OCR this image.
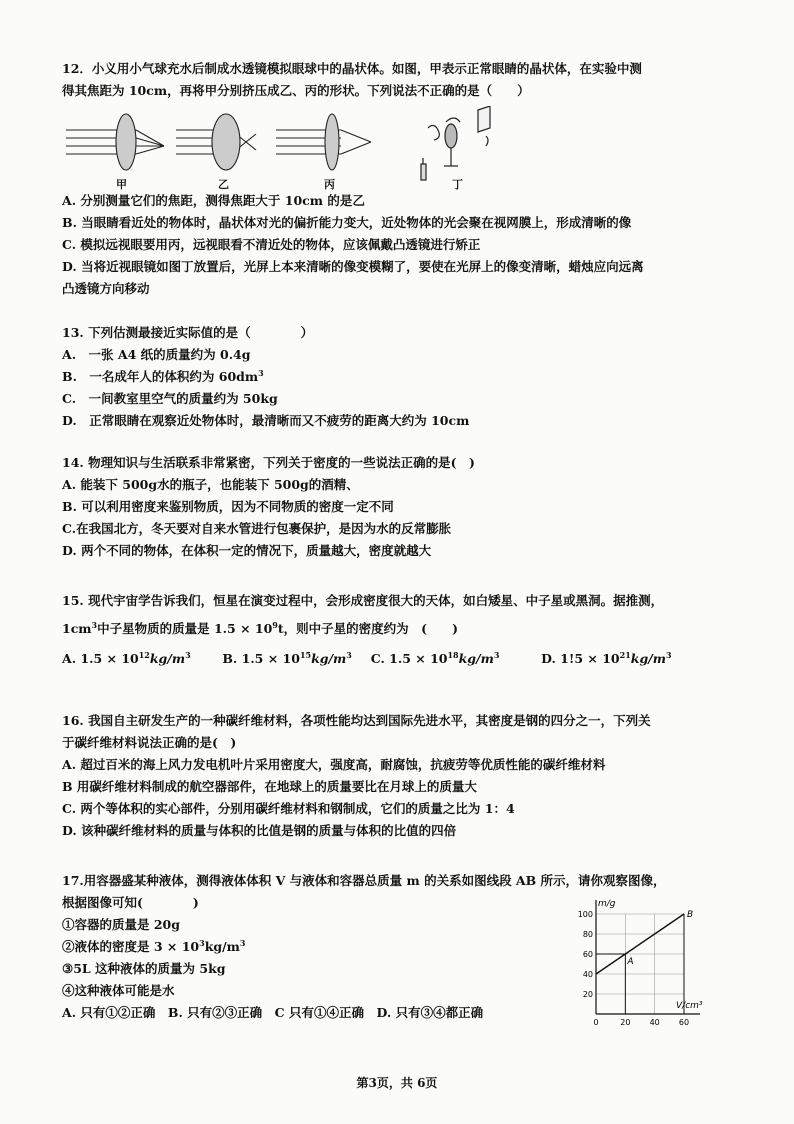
12．小义用小气球充水后制成水透镜模拟眼球中的晶状体。如图，甲表示正常眼睛的晶状体，在实验中测
得其焦距为 10cm，再将甲分别挤压成乙、丙的形状。下列说法不正确的是（　　）
甲	乙	丙	丁
A. 分别测量它们的焦距，测得焦距大于 10cm 的是乙
B. 当眼睛看近处的物体时，晶状体对光的偏折能力变大，近处物体的光会聚在视网膜上，形成清晰的像
C. 模拟远视眼要用丙，远视眼看不清近处的物体，应该佩戴凸透镜进行矫正
D. 当将近视眼镜如图丁放置后，光屏上本来清晰的像变模糊了，要使在光屏上的像变清晰，蜡烛应向远离
凸透镜方向移动
13. 下列估测最接近实际值的是（　　　　）
A.　一张 A4 纸的质量约为 0.4g
B.　一名成年人的体积约为 $60dm^3$
C.　一间教室里空气的质量约为 50kg
D.　正常眼睛在观察近处物体时，最清晰而又不疲劳的距离大约为 10cm
14. 物理知识与生活联系非常紧密，下列关于密度的一些说法正确的是(　)
A. 能装下 500g水的瓶子，也能装下 500g的酒精、
B. 可以利用密度来鉴别物质，因为不同物质的密度一定不同
C.在我国北方，冬天要对自来水管进行包裹保护，是因为水的反常膨胀
D. 两个不同的物体，在体积一定的情况下，质量越大，密度就越大
15. 现代宇宙学告诉我们，恒星在演变过程中，会形成密度很大的天体，如白矮星、中子星或黑洞。据推测，
$1cm^3$中子星物质的质量是 $1.5 \times 10^9t$，则中子星的密度约为　(　　)
A. $1.5 \times 10^{12}kg/m^3$	B. $1.5 \times 10^{15}kg/m^3$ C. $1.5 \times 10^{18}kg/m^3$	D. $1!5 \times 10^{21}kg/m^3$
16. 我国自主研发生产的一种碳纤维材料，各项性能均达到国际先进水平，其密度是钢的四分之一，下列关
于碳纤维材料说法正确的是(　)
A. 超过百米的海上风力发电机叶片采用密度大，强度高，耐腐蚀，抗疲劳等优质性能的碳纤维材料
B 用碳纤维材料制成的航空器部件，在地球上的质量要比在月球上的质量大
C. 两个等体积的实心部件，分别用碳纤维材料和钢制成，它们的质量之比为 1：4
D. 该种碳纤维材料的质量与体积的比值是钢的质量与体积的比值的四倍
17.用容器盛某种液体，测得液体体积 V 与液体和容器总质量 m 的关系如图线段 AB 所示，请你观察图像，
根据图像可知(　　　　)
①容器的质量是 20g
②液体的密度是 $3 \times 10^3kg/m^3$
③5L 这种液体的质量为 5kg
④这种液体可能是水
A. 只有①②正确　B. 只有②③正确　C 只有①④正确　D. 只有③④都正确
20
40
60
80
100
0	20 40 60
m/g
V/cm³
A
B
第3页，共 6页
